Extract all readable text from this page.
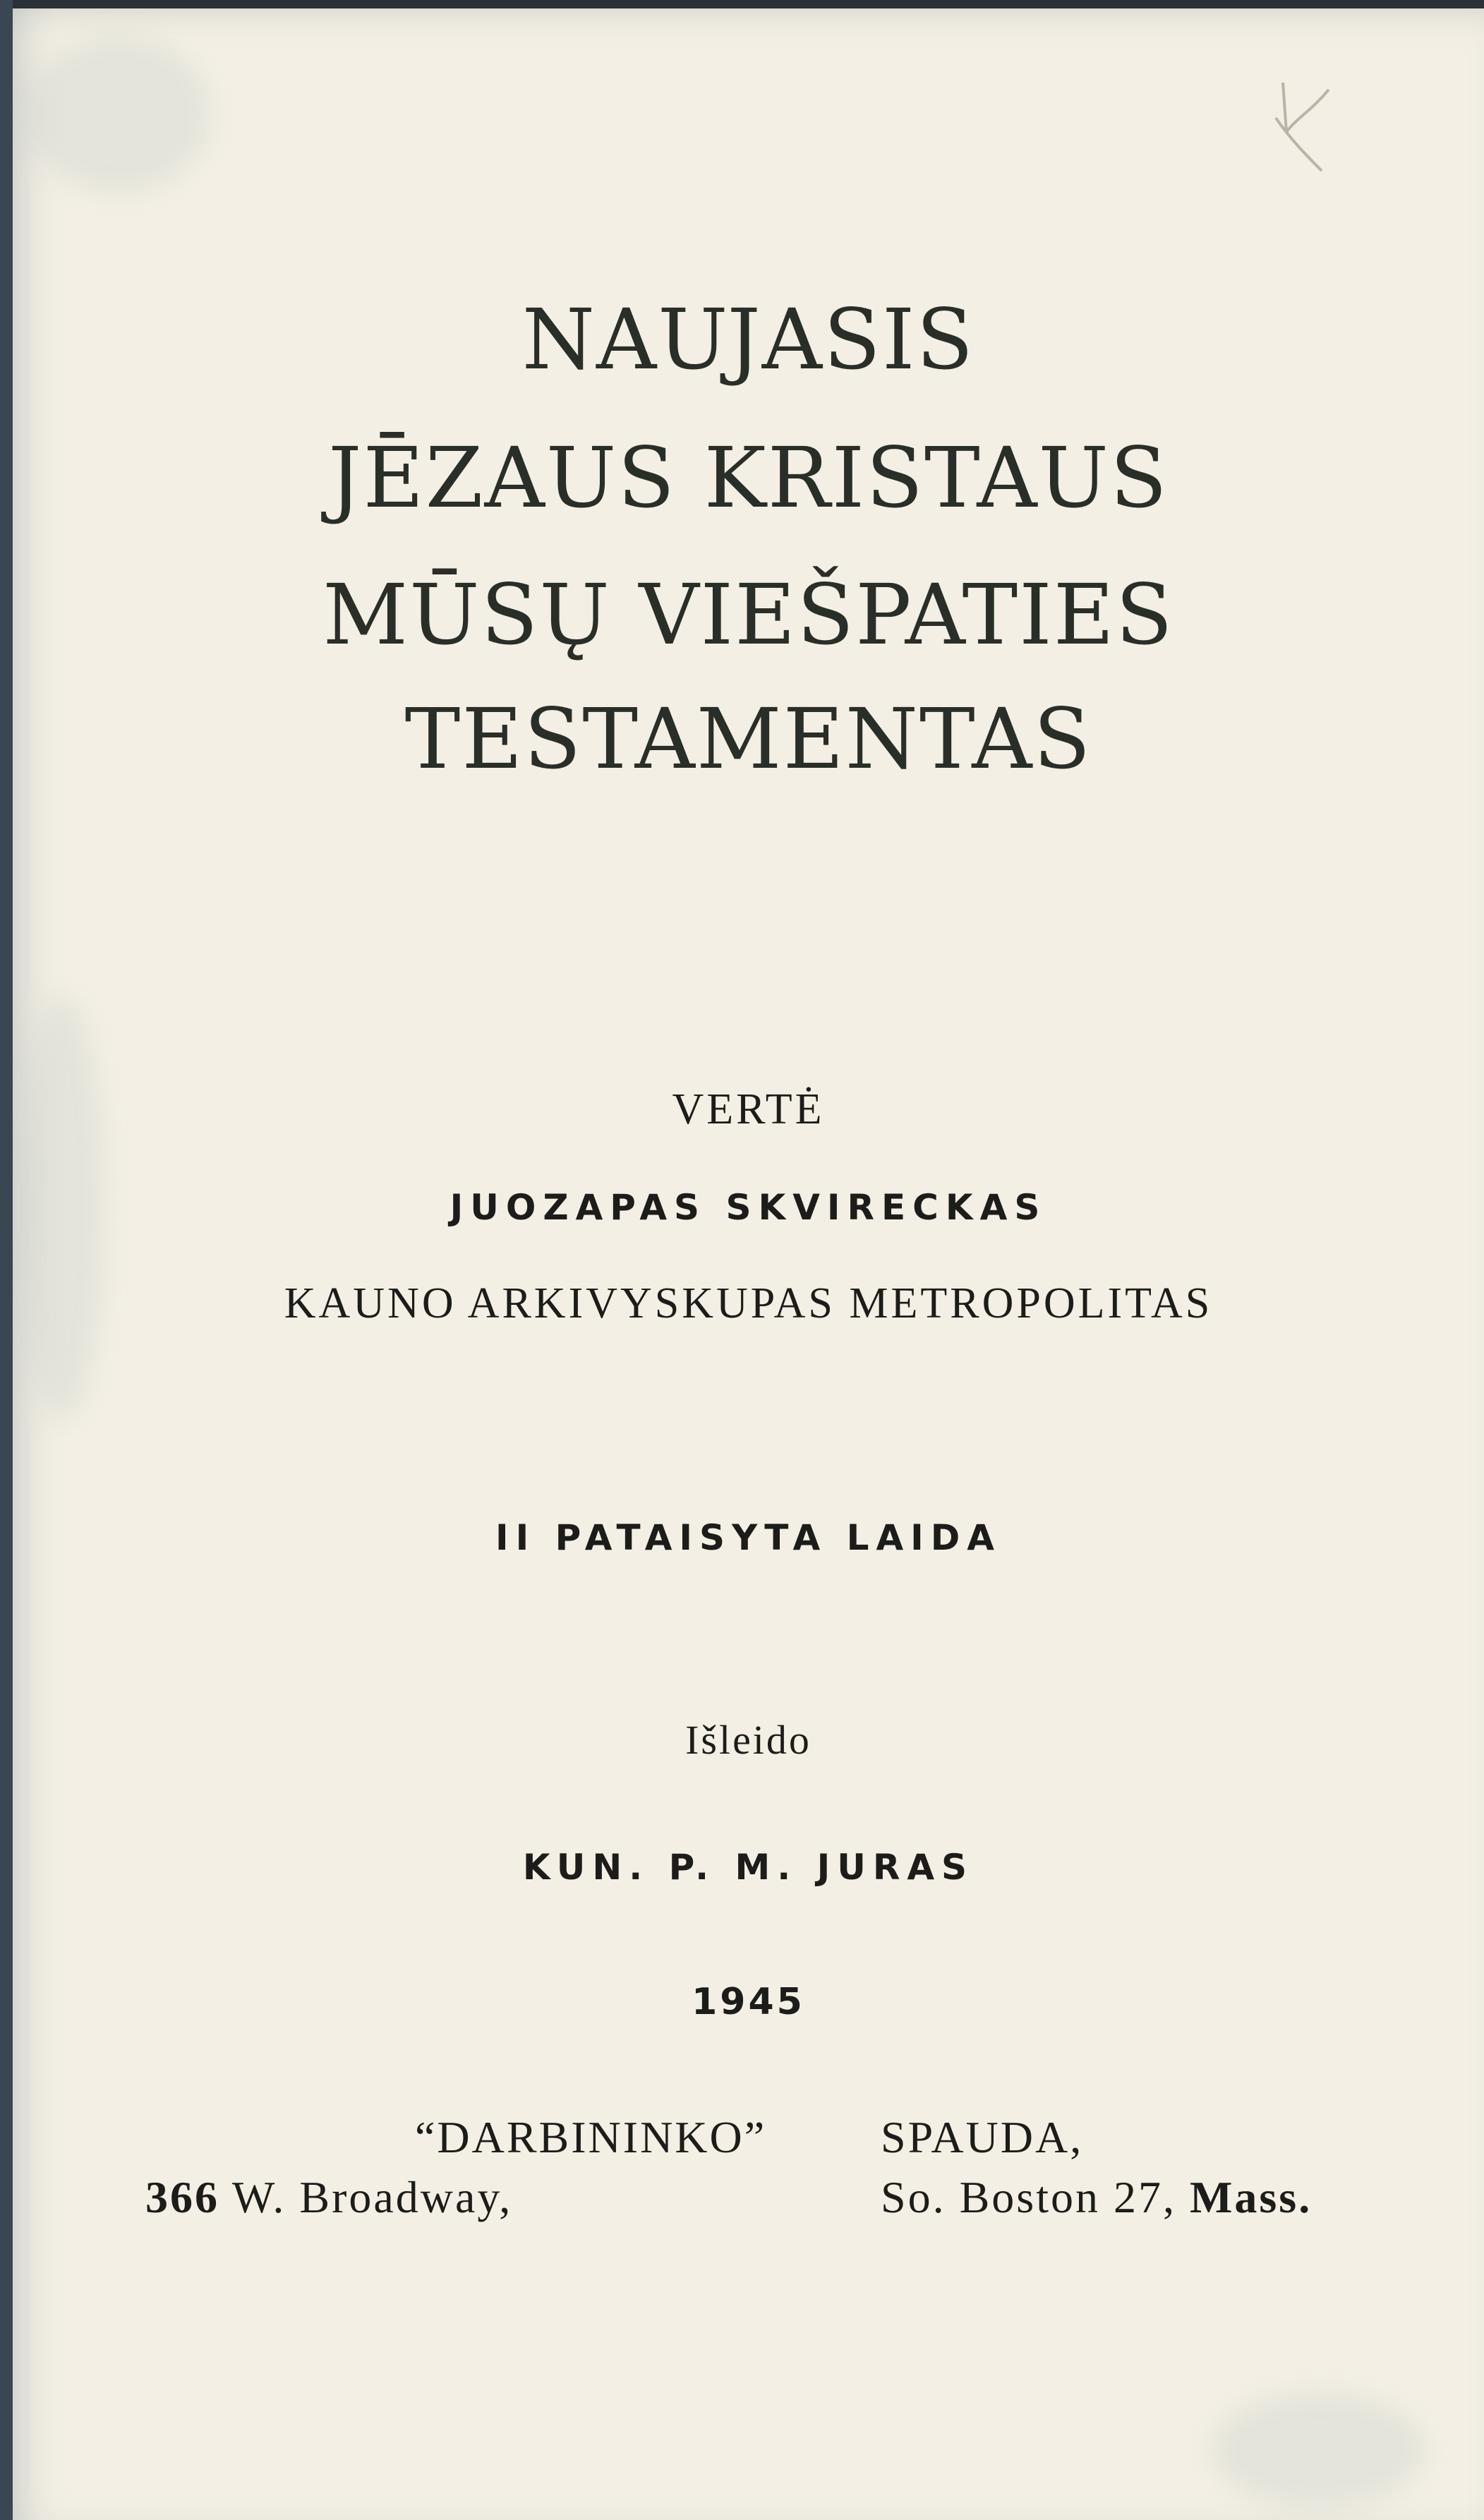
NAUJASIS
JĒZAUS KRISTAUS
MŪSŲ VIEŠPATIES
TESTAMENTAS
VERTĖ
JUOZAPAS SKVIRECKAS
KAUNO ARKIVYSKUPAS METROPOLITAS
II PATAISYTA LAIDA
Išleido
KUN. P. M. JURAS
1945
“DARBININKO”	SPAUDA,
366 W. Broadway,	So. Boston 27, Mass.
